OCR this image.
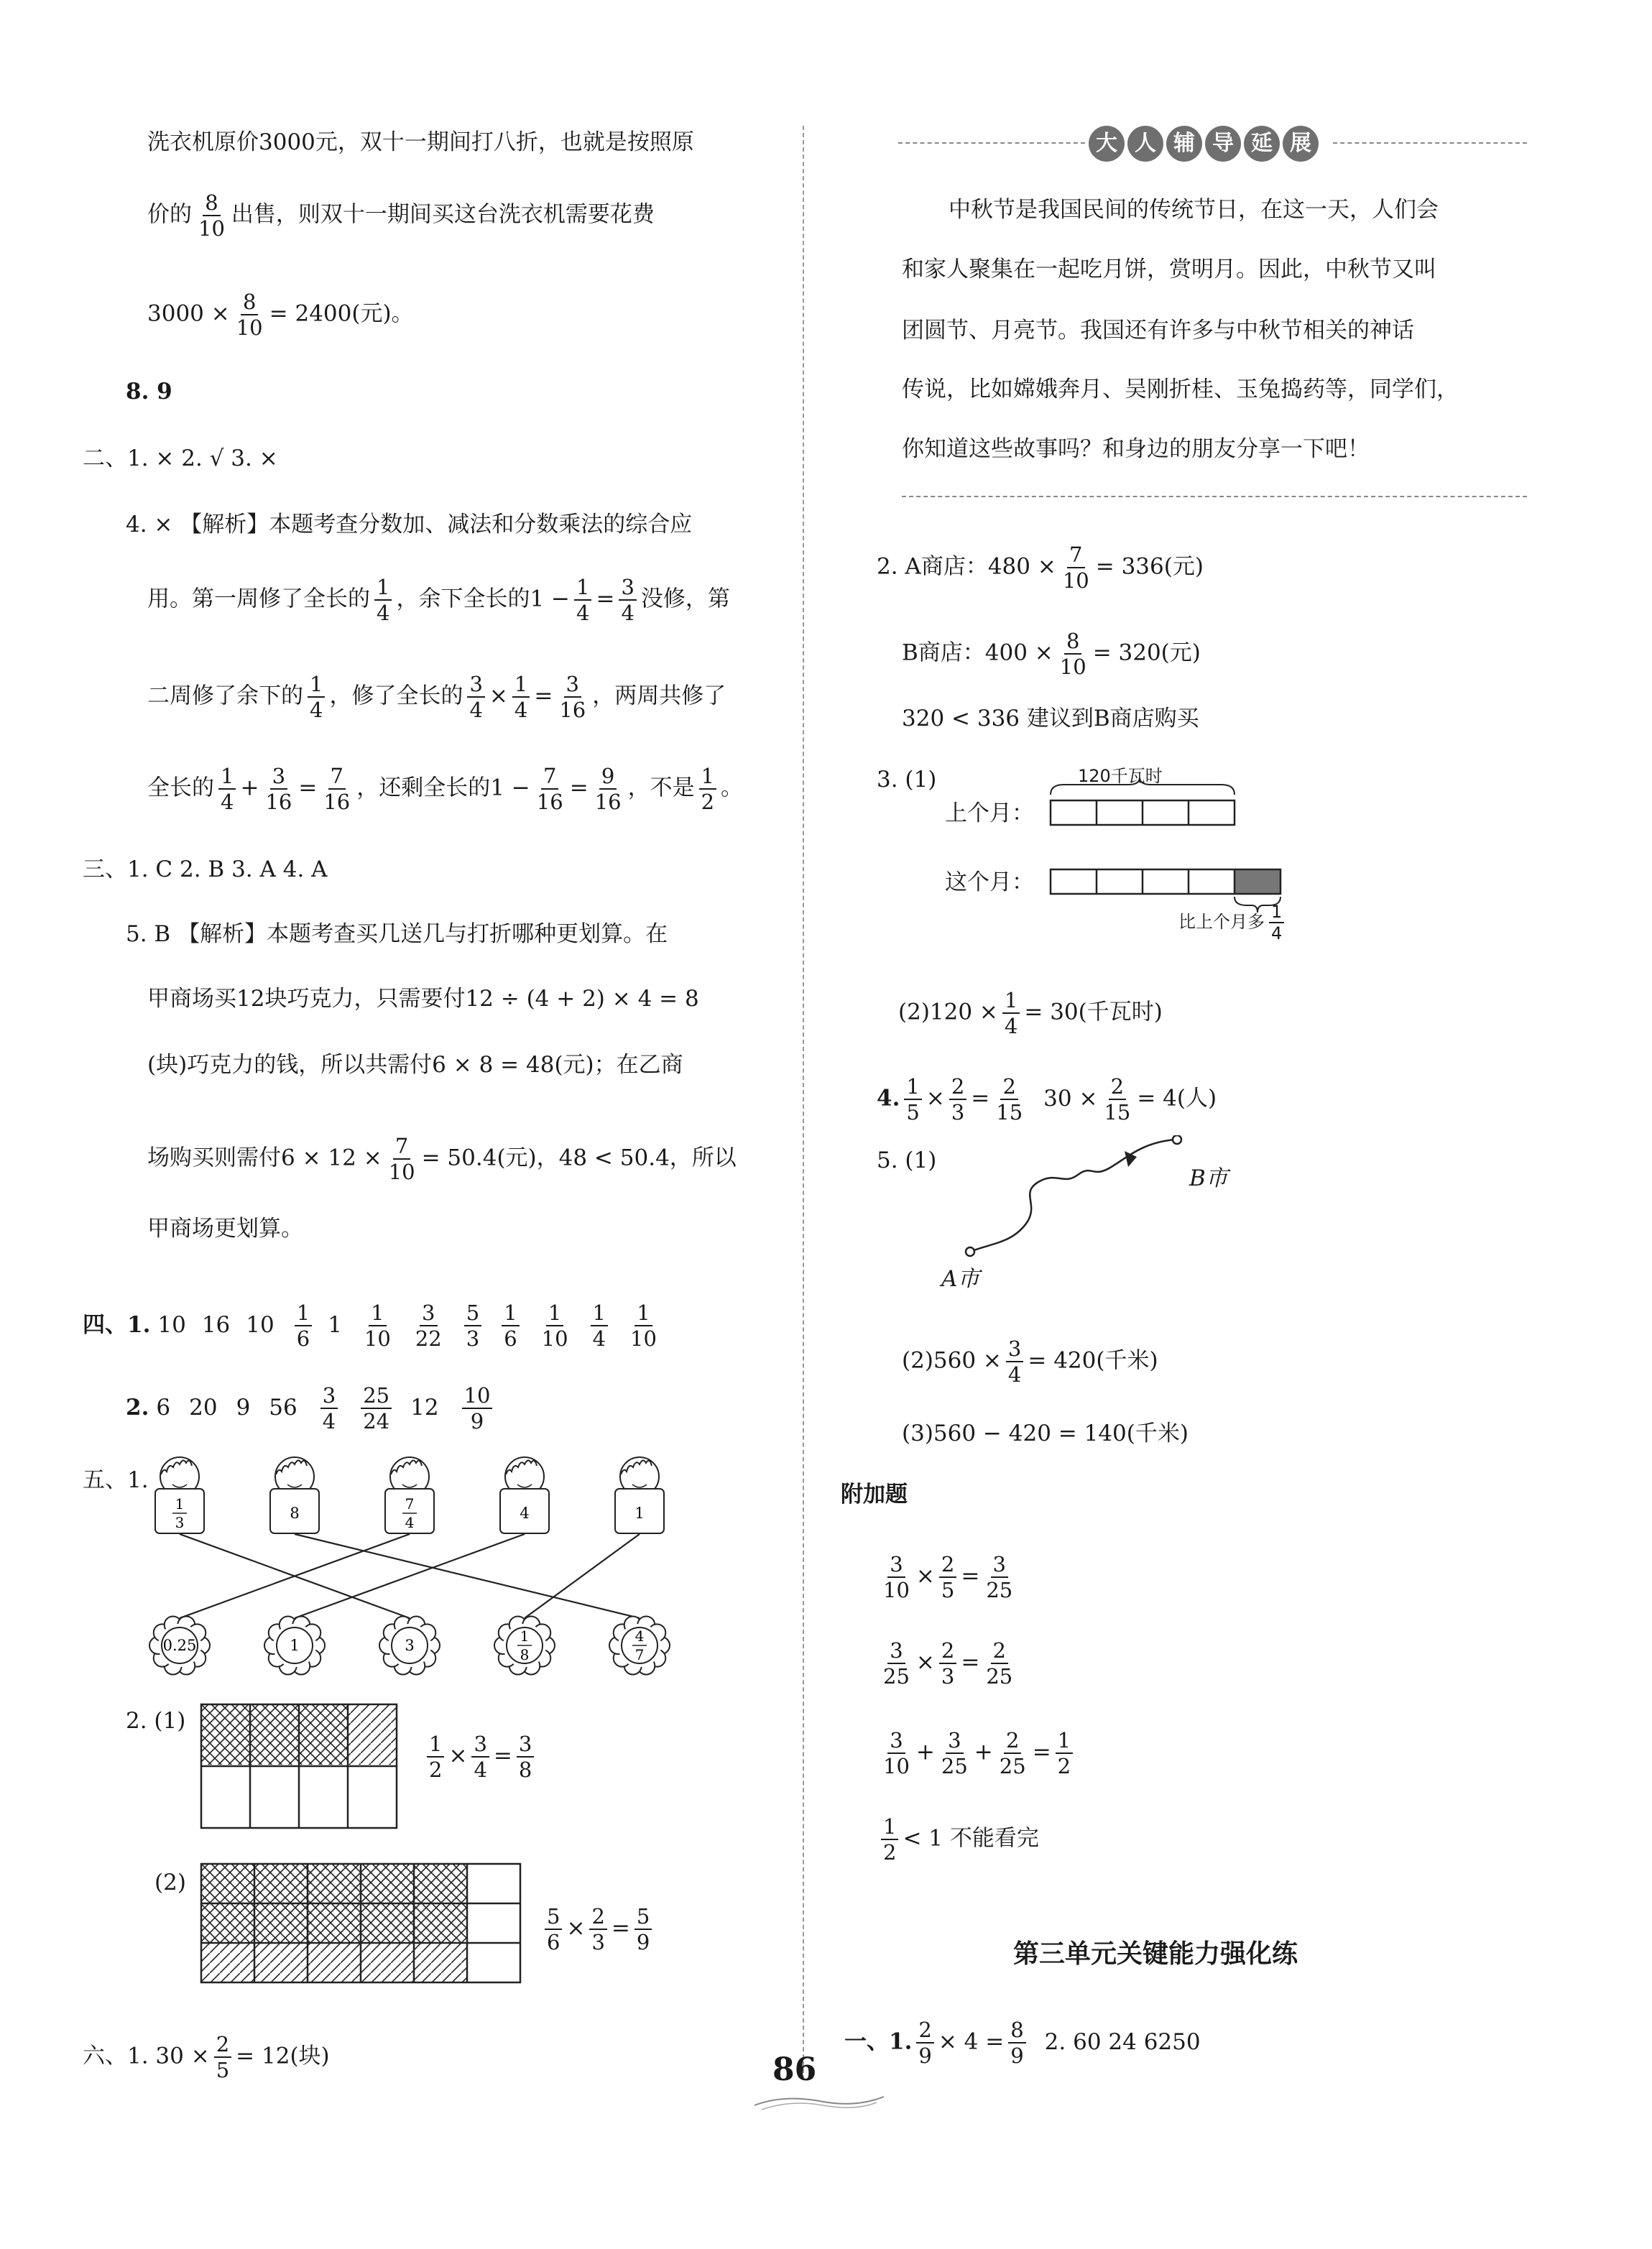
洗衣机原价3000元，双十一期间打八折，也就是按照原
价的 $\frac{8}{10}$ 出售，则双十一期间买这台洗衣机需要花费
$3000 \times \frac{8}{10} = 2400$(元)。
8. 9
二、1. × 2. √ 3. ×
4. × 【解析】本题考查分数加、减法和分数乘法的综合应
用。第一周修了全长的 $\frac{1}{4}$ ，余下全长的$1 - \frac{1}{4} = \frac{3}{4}$ 没修，第
二周修了余下的 $\frac{1}{4}$ ，修了全长的 $\frac{3}{4} \times \frac{1}{4} = \frac{3}{16}$ ，两周共修了
全长的 $\frac{1}{4} + \frac{3}{16} = \frac{7}{16}$ ，还剩全长的$1 - \frac{7}{16} = \frac{9}{16}$ ，不是 $\frac{1}{2}$ 。
三、1. C 2. B 3. A 4. A
5. B 【解析】本题考查买几送几与打折哪种更划算。在
甲商场买12块巧克力，只需要付12 ÷ (4 + 2) × 4 = 8
(块)巧克力的钱，所以共需付6 × 8 = 48(元)；在乙商
场购买则需付$6 \times 12 \times \frac{7}{10} = 50.4$(元)，48 < 50.4，所以
甲商场更划算。
四、1. 10 16 $10 \frac{1}{6} 1 \frac{1}{10} \frac{3}{22} \frac{5}{3} \frac{1}{6} \frac{1}{10} \frac{1}{4} \frac{1}{10}$
2. 6 20 9 $56 \frac{3}{4} \frac{25}{24} 12 \frac{10}{9}$
五、1.
1
3
8
7
4
4	1
0.25	1	3
1
8
4
7
2. (1)
$\frac{1}{2} \times \frac{3}{4} = \frac{3}{8}$
(2)
$\frac{5}{6} \times \frac{2}{3} = \frac{5}{9}$
六、1. $30 \times \frac{2}{5} = 12$(块)
大 人 辅 导 延 展
中秋节是我国民间的传统节日，在这一天，人们会
和家人聚集在一起吃月饼，赏明月。因此，中秋节又叫
团圆节、月亮节。我国还有许多与中秋节相关的神话
传说，比如嫦娥奔月、吴刚折桂、玉兔捣药等，同学们，
你知道这些故事吗？和身边的朋友分享一下吧！
2. A商店：$480 \times \frac{7}{10} = 336$(元)
B商店：$400 \times \frac{8}{10} = 320$(元)
320 < 336 建议到B商店购买
3. (1)	120千瓦时
上个月：
这个月：
比上个月多 $\frac{1}{4}$
$(2)120 \times \frac{1}{4} = 30$(千瓦时)
4. $\frac{1}{5} \times \frac{2}{3} = \frac{2}{15} 30 \times \frac{2}{15} = 4$(人)
5. (1)
A市
B市
$(2)560 \times \frac{3}{4} = 420$(千米)
(3)560 − 420 = 140(千米)
附加题
$\frac{3}{10} \times \frac{2}{5} = \frac{3}{25}$
$\frac{3}{25} \times \frac{2}{3} = \frac{2}{25}$
$\frac{3}{10} + \frac{3}{25} + \frac{2}{25} = \frac{1}{2}$
$\frac{1}{2} < 1$ 不能看完
第三单元关键能力强化练
一、1. $\frac{2}{9} \times 4 = \frac{8}{9} 2$. 60 24 6250
86
